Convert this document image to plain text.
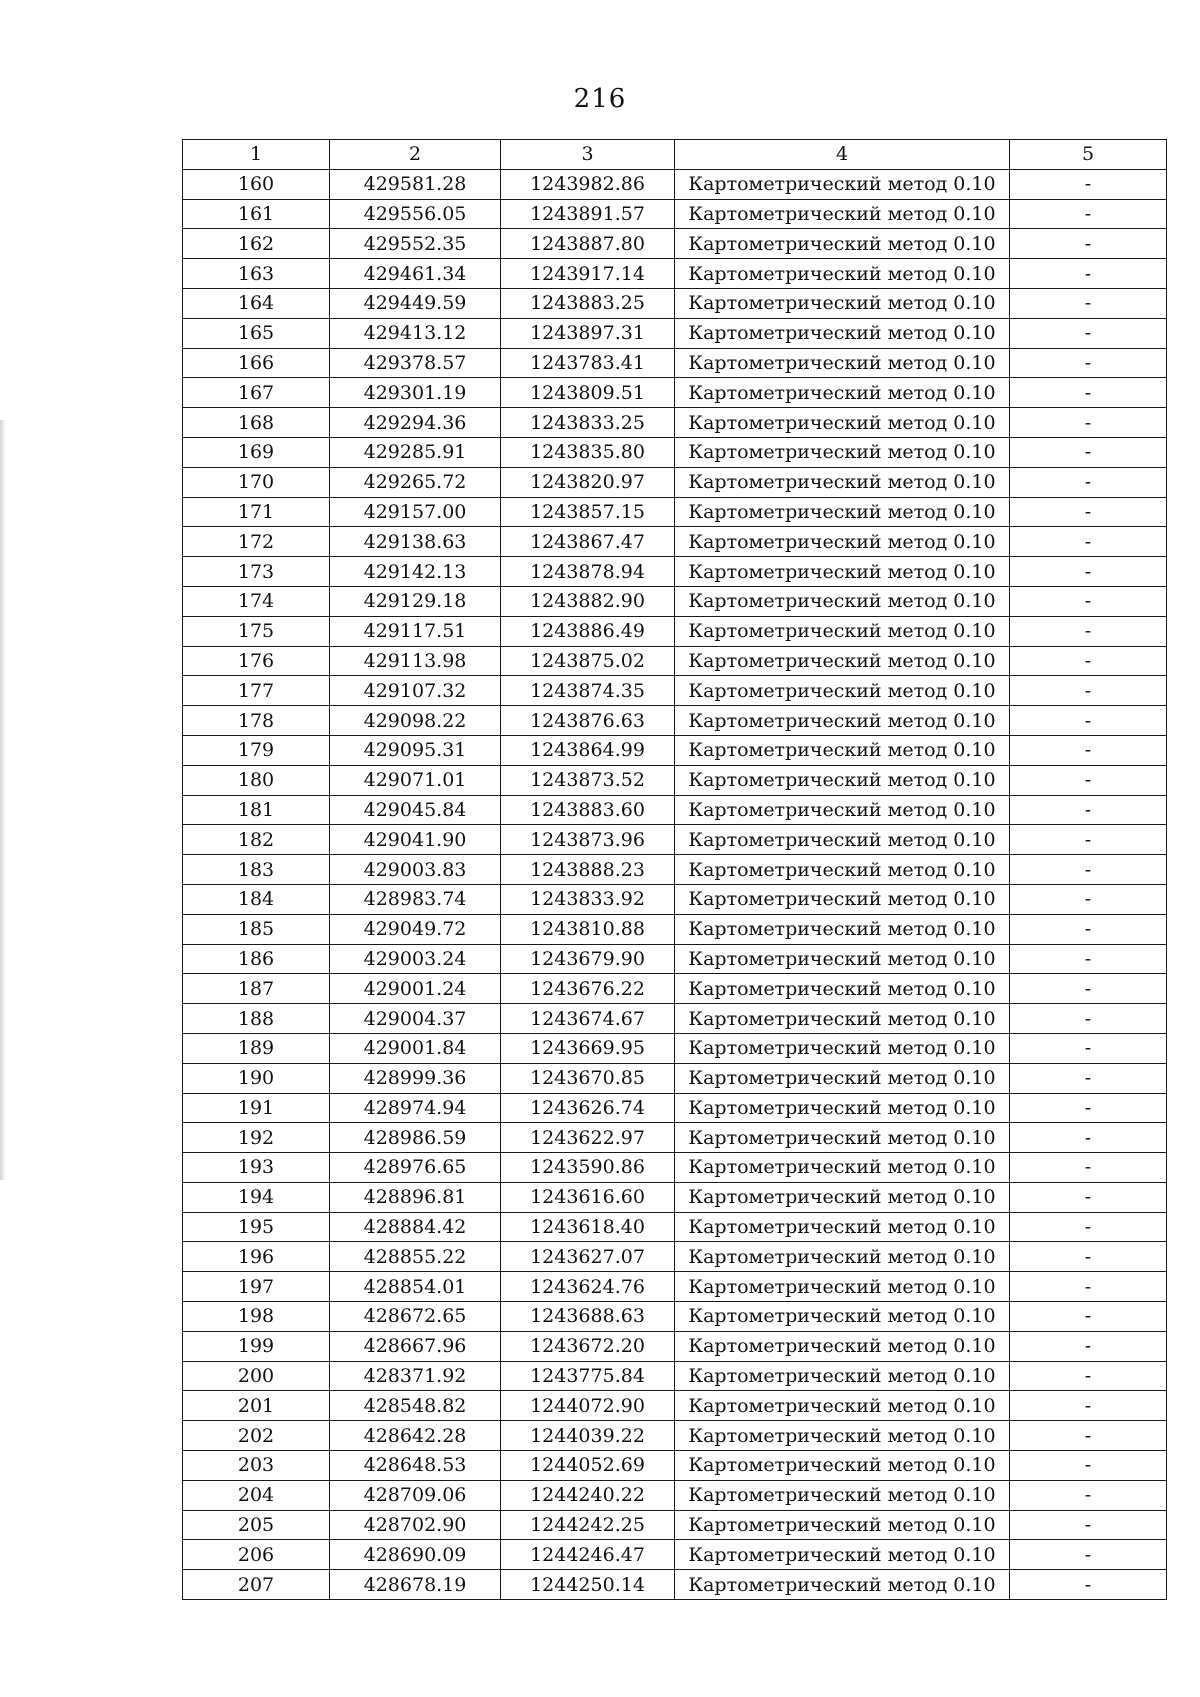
216
1	2	3	4	5
160	429581.28	1243982.86	Картометрический метод 0.10	-
161	429556.05	1243891.57	Картометрический метод 0.10	-
162	429552.35	1243887.80	Картометрический метод 0.10	-
163	429461.34	1243917.14	Картометрический метод 0.10	-
164	429449.59	1243883.25	Картометрический метод 0.10	-
165	429413.12	1243897.31	Картометрический метод 0.10	-
166	429378.57	1243783.41	Картометрический метод 0.10	-
167	429301.19	1243809.51	Картометрический метод 0.10	-
168	429294.36	1243833.25	Картометрический метод 0.10	-
169	429285.91	1243835.80	Картометрический метод 0.10	-
170	429265.72	1243820.97	Картометрический метод 0.10	-
171	429157.00	1243857.15	Картометрический метод 0.10	-
172	429138.63	1243867.47	Картометрический метод 0.10	-
173	429142.13	1243878.94	Картометрический метод 0.10	-
174	429129.18	1243882.90	Картометрический метод 0.10	-
175	429117.51	1243886.49	Картометрический метод 0.10	-
176	429113.98	1243875.02	Картометрический метод 0.10	-
177	429107.32	1243874.35	Картометрический метод 0.10	-
178	429098.22	1243876.63	Картометрический метод 0.10	-
179	429095.31	1243864.99	Картометрический метод 0.10	-
180	429071.01	1243873.52	Картометрический метод 0.10	-
181	429045.84	1243883.60	Картометрический метод 0.10	-
182	429041.90	1243873.96	Картометрический метод 0.10	-
183	429003.83	1243888.23	Картометрический метод 0.10	-
184	428983.74	1243833.92	Картометрический метод 0.10	-
185	429049.72	1243810.88	Картометрический метод 0.10	-
186	429003.24	1243679.90	Картометрический метод 0.10	-
187	429001.24	1243676.22	Картометрический метод 0.10	-
188	429004.37	1243674.67	Картометрический метод 0.10	-
189	429001.84	1243669.95	Картометрический метод 0.10	-
190	428999.36	1243670.85	Картометрический метод 0.10	-
191	428974.94	1243626.74	Картометрический метод 0.10	-
192	428986.59	1243622.97	Картометрический метод 0.10	-
193	428976.65	1243590.86	Картометрический метод 0.10	-
194	428896.81	1243616.60	Картометрический метод 0.10	-
195	428884.42	1243618.40	Картометрический метод 0.10	-
196	428855.22	1243627.07	Картометрический метод 0.10	-
197	428854.01	1243624.76	Картометрический метод 0.10	-
198	428672.65	1243688.63	Картометрический метод 0.10	-
199	428667.96	1243672.20	Картометрический метод 0.10	-
200	428371.92	1243775.84	Картометрический метод 0.10	-
201	428548.82	1244072.90	Картометрический метод 0.10	-
202	428642.28	1244039.22	Картометрический метод 0.10	-
203	428648.53	1244052.69	Картометрический метод 0.10	-
204	428709.06	1244240.22	Картометрический метод 0.10	-
205	428702.90	1244242.25	Картометрический метод 0.10	-
206	428690.09	1244246.47	Картометрический метод 0.10	-
207	428678.19	1244250.14	Картометрический метод 0.10	-
